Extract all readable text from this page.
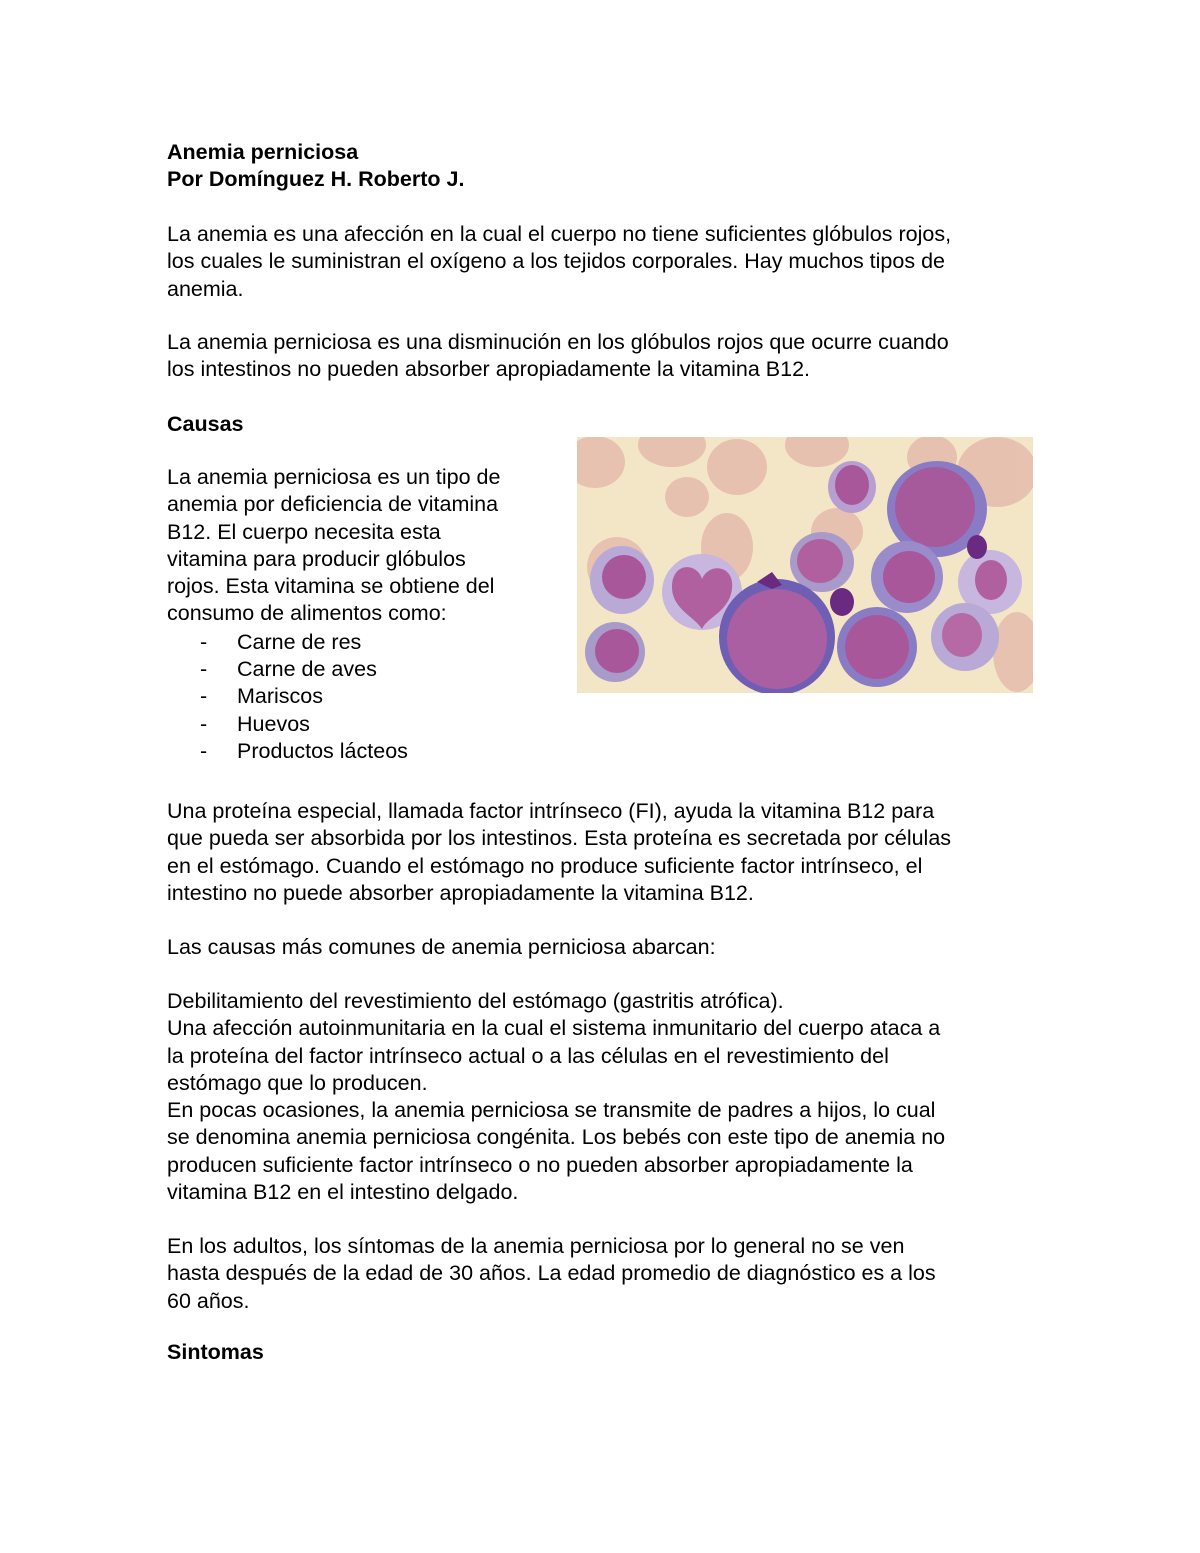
Anemia perniciosa
Por Domínguez H. Roberto J.

La anemia es una afección en la cual el cuerpo no tiene suficientes glóbulos rojos,

los cuales le suministran el oxígeno a los tejidos corporales. Hay muchos tipos de

anemia.

La anemia perniciosa es una disminución en los glóbulos rojos que ocurre cuando

los intestinos no pueden absorber apropiadamente la vitamina B12.

Causas

La anemia perniciosa es un tipo de

anemia por deficiencia de vitamina

B12. El cuerpo necesita esta

vitamina para producir glóbulos

rojos. Esta vitamina se obtiene del

consumo de alimentos como:

- Carne de res
- Carne de aves
- Mariscos
- Huevos
- Productos lácteos

Una proteína especial, llamada factor intrínseco (FI), ayuda la vitamina B12 para

que pueda ser absorbida por los intestinos. Esta proteína es secretada por células

en el estómago. Cuando el estómago no produce suficiente factor intrínseco, el

intestino no puede absorber apropiadamente la vitamina B12.

Las causas más comunes de anemia perniciosa abarcan:

Debilitamiento del revestimiento del estómago (gastritis atrófica).

Una afección autoinmunitaria en la cual el sistema inmunitario del cuerpo ataca a

la proteína del factor intrínseco actual o a las células en el revestimiento del

estómago que lo producen.

En pocas ocasiones, la anemia perniciosa se transmite de padres a hijos, lo cual

se denomina anemia perniciosa congénita. Los bebés con este tipo de anemia no

producen suficiente factor intrínseco o no pueden absorber apropiadamente la

vitamina B12 en el intestino delgado.

En los adultos, los síntomas de la anemia perniciosa por lo general no se ven

hasta después de la edad de 30 años. La edad promedio de diagnóstico es a los

60 años.

Sintomas
